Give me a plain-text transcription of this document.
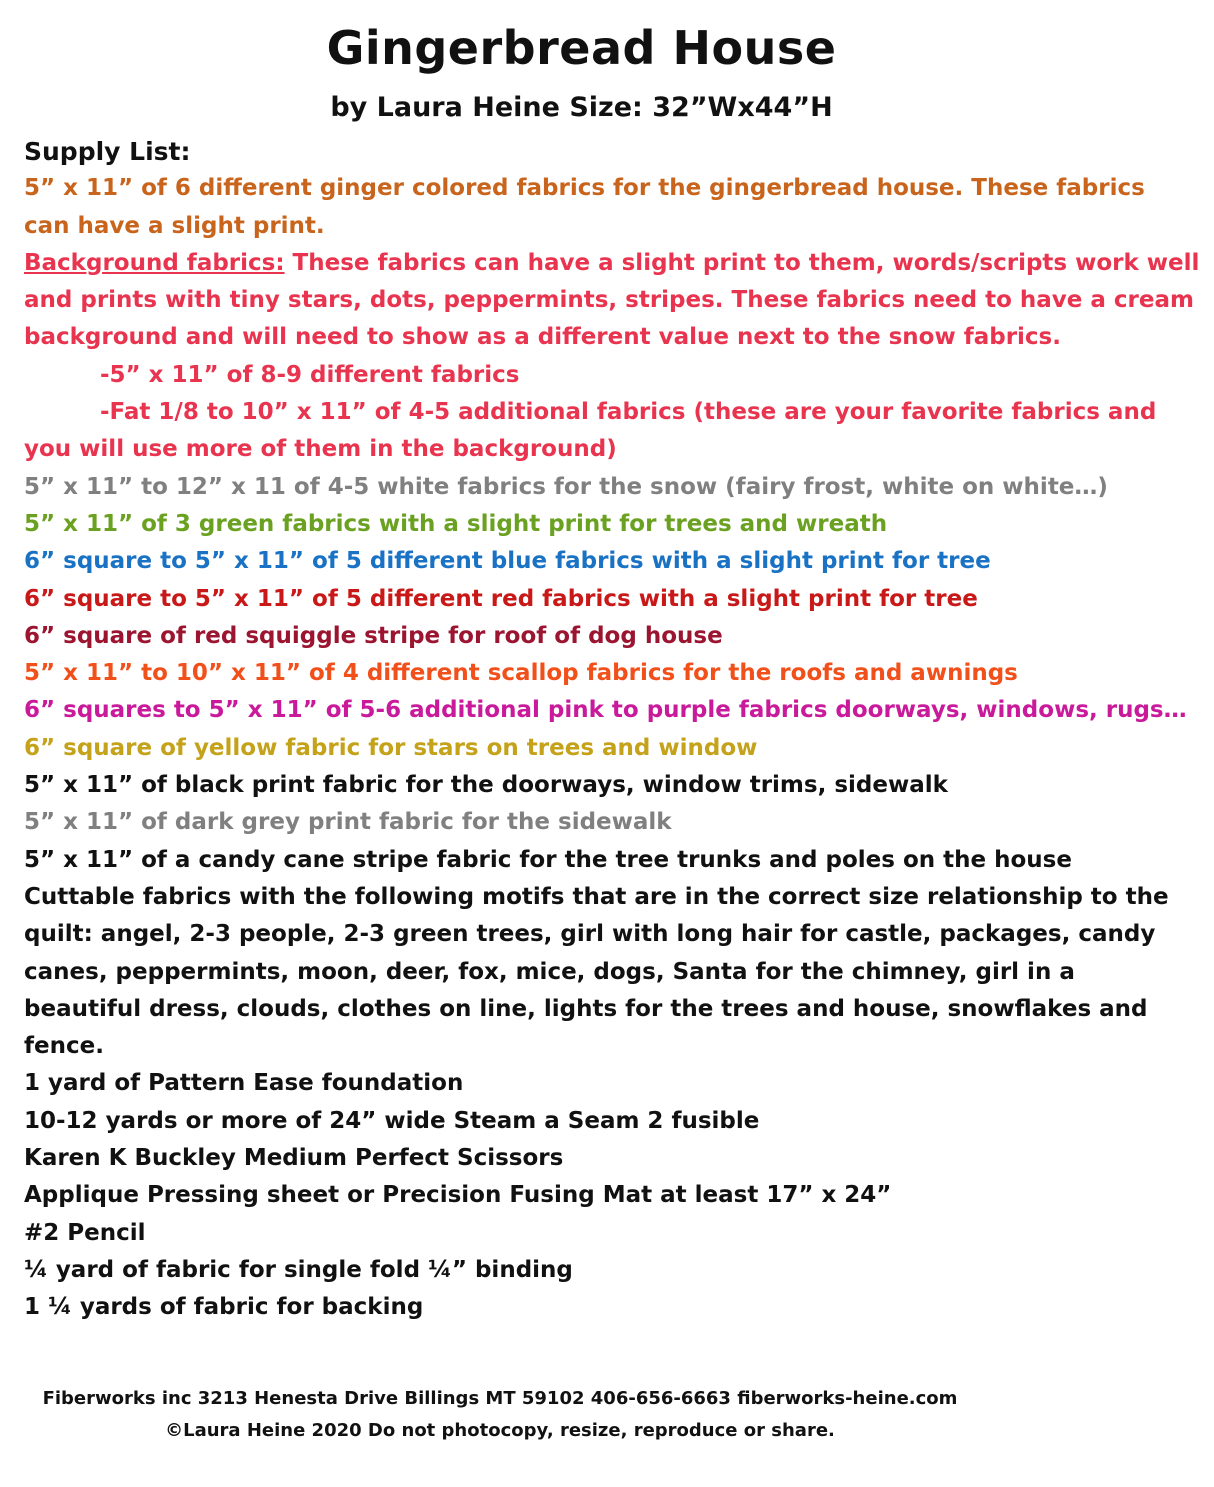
Gingerbread House
by Laura Heine Size: 32”Wx44”H
Supply List:
5” x 11” of 6 different ginger colored fabrics for the gingerbread house. These fabrics
can have a slight print.
Background fabrics: These fabrics can have a slight print to them, words/scripts work well
and prints with tiny stars, dots, peppermints, stripes. These fabrics need to have a cream
background and will need to show as a different value next to the snow fabrics.
-5” x 11” of 8-9 different fabrics
-Fat 1/8 to 10” x 11” of 4-5 additional fabrics (these are your favorite fabrics and
you will use more of them in the background)
5” x 11” to 12” x 11 of 4-5 white fabrics for the snow (fairy frost, white on white…)
5” x 11” of 3 green fabrics with a slight print for trees and wreath
6” square to 5” x 11” of 5 different blue fabrics with a slight print for tree
6” square to 5” x 11” of 5 different red fabrics with a slight print for tree
6” square of red squiggle stripe for roof of dog house
5” x 11” to 10” x 11” of 4 different scallop fabrics for the roofs and awnings
6” squares to 5” x 11” of 5-6 additional pink to purple fabrics doorways, windows, rugs…
6” square of yellow fabric for stars on trees and window
5” x 11” of black print fabric for the doorways, window trims, sidewalk
5” x 11” of dark grey print fabric for the sidewalk
5” x 11” of a candy cane stripe fabric for the tree trunks and poles on the house
Cuttable fabrics with the following motifs that are in the correct size relationship to the
quilt: angel, 2-3 people, 2-3 green trees, girl with long hair for castle, packages, candy
canes, peppermints, moon, deer, fox, mice, dogs, Santa for the chimney, girl in a
beautiful dress, clouds, clothes on line, lights for the trees and house, snowflakes and
fence.
1 yard of Pattern Ease foundation
10-12 yards or more of 24” wide Steam a Seam 2 fusible
Karen K Buckley Medium Perfect Scissors
Applique Pressing sheet or Precision Fusing Mat at least 17” x 24”
#2 Pencil
¼ yard of fabric for single fold ¼” binding
1 ¼ yards of fabric for backing
Fiberworks inc 3213 Henesta Drive Billings MT 59102 406-656-6663 fiberworks-heine.com
©Laura Heine 2020 Do not photocopy, resize, reproduce or share.
